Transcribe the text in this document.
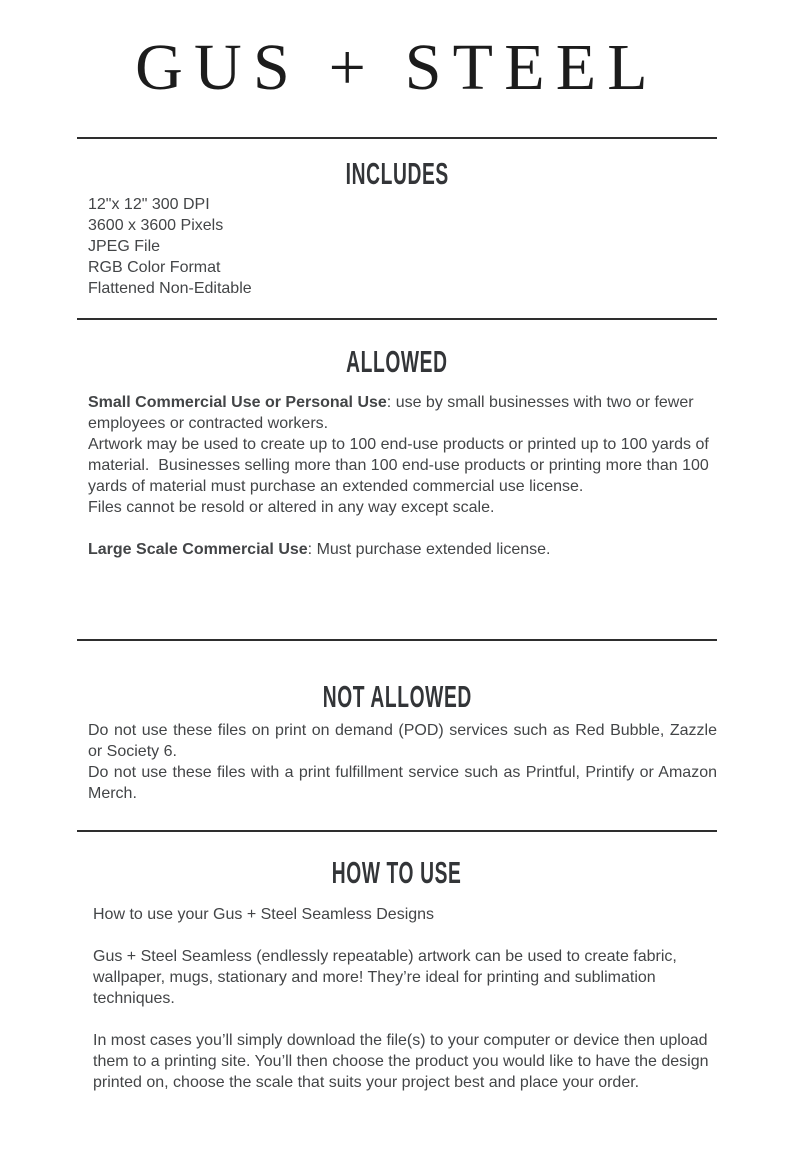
GUS + STEEL
INCLUDES
12"x 12" 300 DPI
3600 x 3600 Pixels
JPEG File
RGB Color Format
Flattened Non-Editable
ALLOWED

Small Commercial Use or Personal Use: use by small businesses with two or fewer employees or contracted workers.

Artwork may be used to create up to 100 end-use products or printed up to 100 yards of material.  Businesses selling more than 100 end-use products or printing more than 100 yards of material must purchase an extended commercial use license.

Files cannot be resold or altered in any way except scale.

Large Scale Commercial Use: Must purchase extended license.

NOT ALLOWED

Do not use these files on print on demand (POD) services such as Red Bubble, Zazzle or Society 6.

Do not use these files with a print fulfillment service such as Printful, Printify or Amazon Merch.

HOW TO USE

How to use your Gus + Steel Seamless Designs

Gus + Steel Seamless (endlessly repeatable) artwork can be used to create fabric, wallpaper, mugs, stationary and more! They’re ideal for printing and sublimation techniques.

In most cases you’ll simply download the file(s) to your computer or device then upload them to a printing site. You’ll then choose the product you would like to have the design printed on, choose the scale that suits your project best and place your order.
